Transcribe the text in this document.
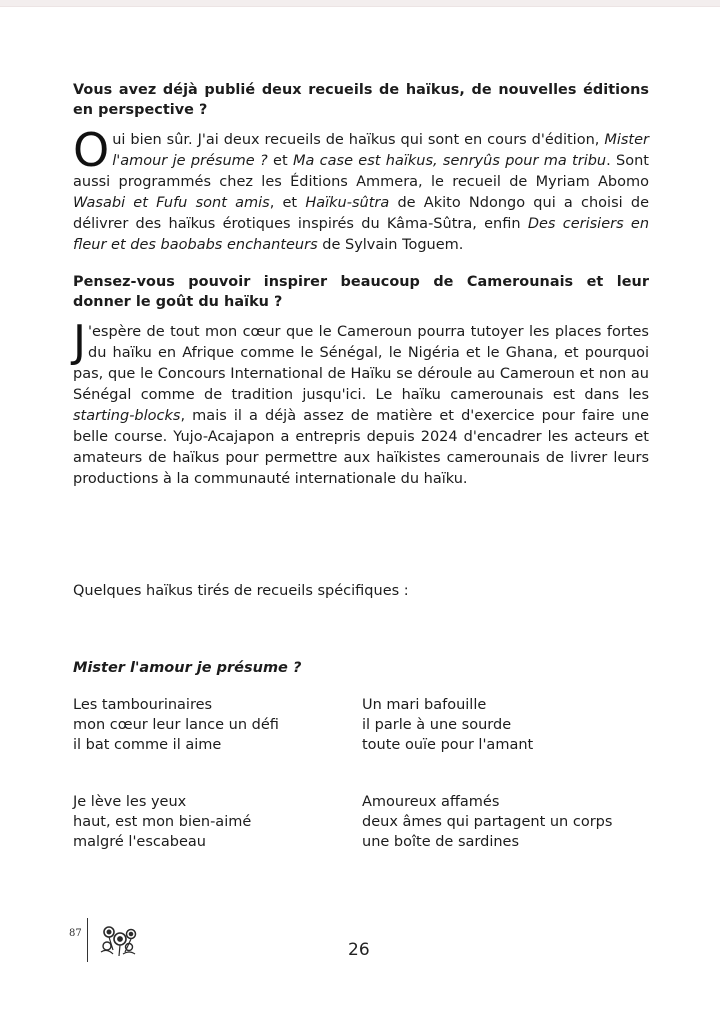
Vous avez déjà publié deux recueils de haïkus, de nouvelles éditions en perspective ?

Oui bien sûr. J'ai deux recueils de haïkus qui sont en cours d'édition, Mister l'amour je présume ? et Ma case est haïkus, senryûs pour ma tribu. Sont aussi programmés chez les Éditions Ammera, le recueil de Myriam Abomo Wasabi et Fufu sont amis, et Haïku-sûtra de Akito Ndongo qui a choisi de délivrer des haïkus érotiques inspirés du Kâma-Sûtra, enfin Des cerisiers en fleur et des baobabs enchanteurs de Sylvain Toguem.

Pensez-vous pouvoir inspirer beaucoup de Camerounais et leur donner le goût du haïku ?

J 'espère de tout mon cœur que le Cameroun pourra tutoyer les places fortes du haïku en Afrique comme le Sénégal, le Nigéria et le Ghana, et pourquoi pas, que le Concours International de Haïku se déroule au Cameroun et non au Sénégal comme de tradition jusqu'ici. Le haïku camerounais est dans les starting-blocks, mais il a déjà assez de matière et d'exercice pour faire une belle course. Yujo-Acajapon a entrepris depuis 2024 d'encadrer les acteurs et amateurs de haïkus pour permettre aux haïkistes camerounais de livrer leurs productions à la communauté internationale du haïku.

Quelques haïkus tirés de recueils spécifiques :
Mister l'amour je présume ?
Les tambourinaires
mon cœur leur lance un défi
il bat comme il aime
Un mari bafouille
il parle à une sourde
toute ouïe pour l'amant
Je lève les yeux
haut, est mon bien-aimé
malgré l'escabeau
Amoureux affamés
deux âmes qui partagent un corps
une boîte de sardines
87
26
